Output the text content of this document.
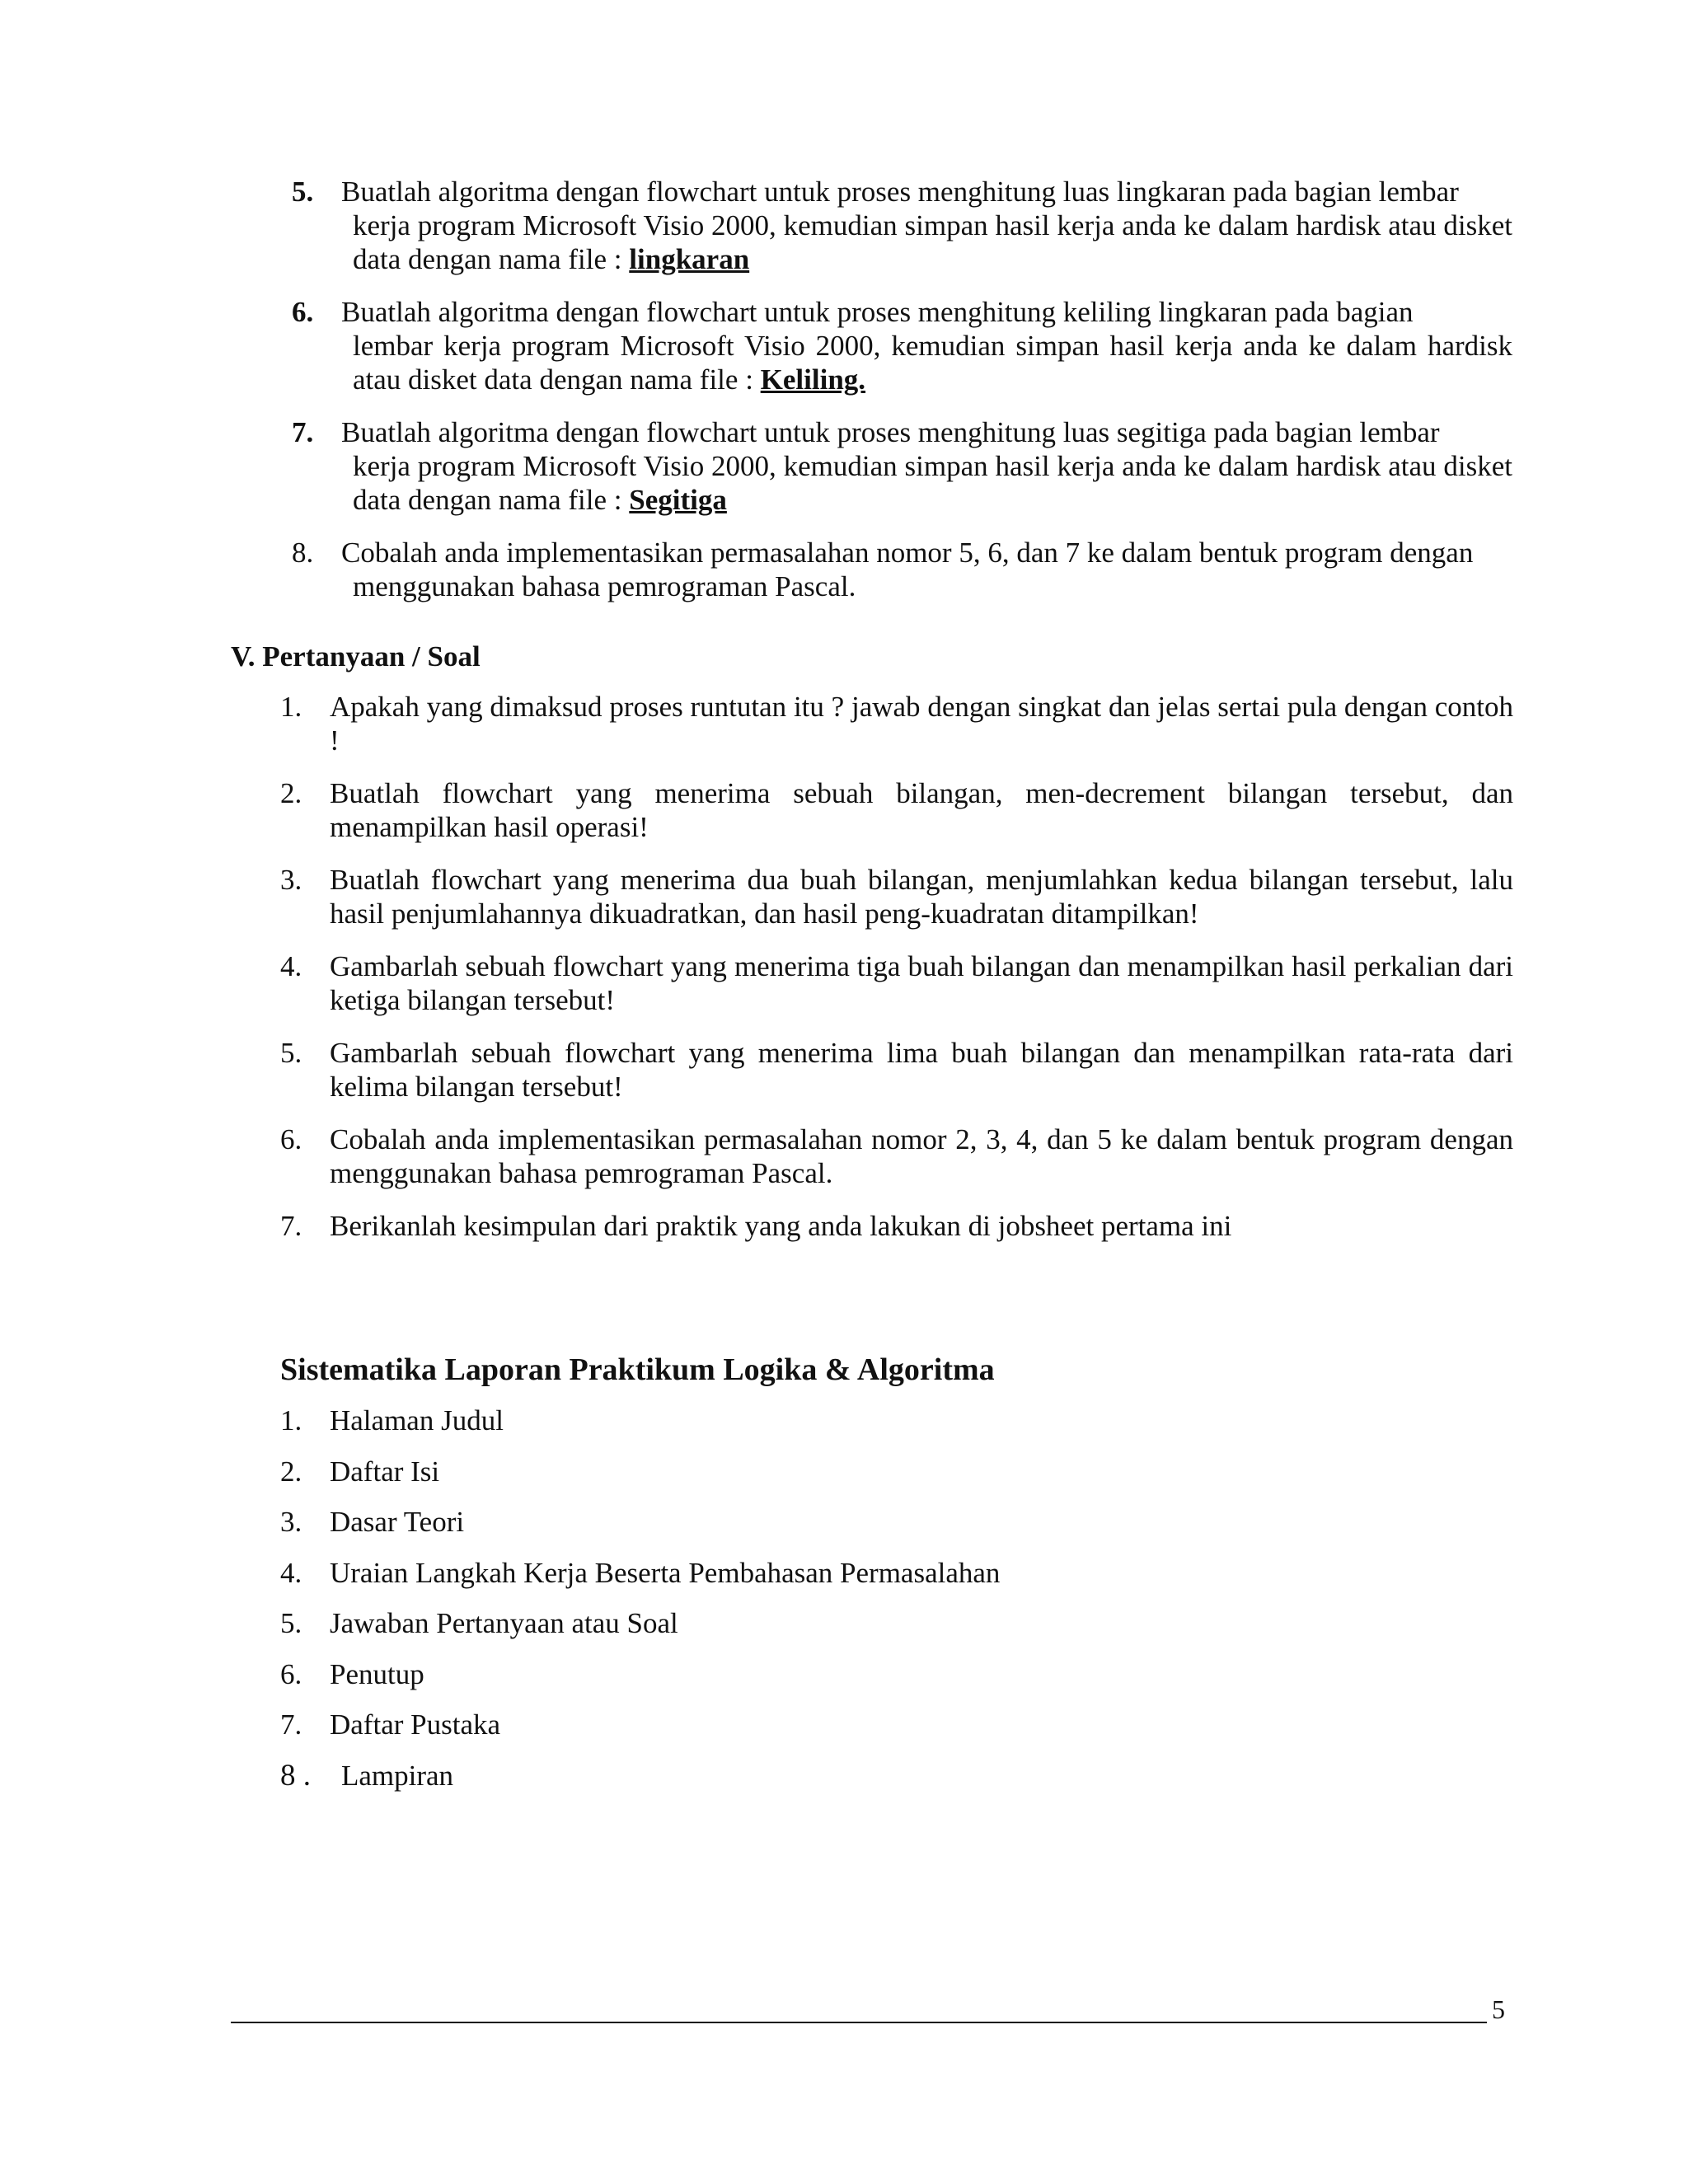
5. Buatlah algoritma dengan flowchart untuk proses menghitung luas lingkaran pada bagian lembar
kerja program Microsoft Visio 2000, kemudian simpan hasil kerja anda ke dalam hardisk atau disket data dengan nama file : lingkaran
6. Buatlah algoritma dengan flowchart untuk proses menghitung keliling lingkaran pada bagian
lembar kerja program Microsoft Visio 2000, kemudian simpan hasil kerja anda ke dalam hardisk atau disket data dengan nama file : Keliling.
7. Buatlah algoritma dengan flowchart untuk proses menghitung luas segitiga pada bagian lembar
kerja program Microsoft Visio 2000, kemudian simpan hasil kerja anda ke dalam hardisk atau disket data dengan nama file : Segitiga
8. Cobalah anda implementasikan permasalahan nomor 5, 6, dan 7 ke dalam bentuk program dengan
menggunakan bahasa pemrograman Pascal.
V. Pertanyaan / Soal
1. Apakah yang dimaksud proses runtutan itu ? jawab dengan singkat dan jelas sertai pula dengan contoh !
2. Buatlah flowchart yang menerima sebuah bilangan, men-decrement bilangan tersebut, dan menampilkan hasil operasi!
3. Buatlah flowchart yang menerima dua buah bilangan, menjumlahkan kedua bilangan tersebut, lalu hasil penjumlahannya dikuadratkan, dan hasil peng-kuadratan ditampilkan!
4. Gambarlah sebuah flowchart yang menerima tiga buah bilangan dan menampilkan hasil perkalian dari ketiga bilangan tersebut!
5. Gambarlah sebuah flowchart yang menerima lima buah bilangan dan menampilkan rata-rata dari kelima bilangan tersebut!
6. Cobalah anda implementasikan permasalahan nomor 2, 3, 4, dan 5 ke dalam bentuk program dengan menggunakan bahasa pemrograman Pascal.
7. Berikanlah kesimpulan dari praktik yang anda lakukan di jobsheet pertama ini
Sistematika Laporan Praktikum Logika & Algoritma
1. Halaman Judul
2. Daftar Isi
3. Dasar Teori
4. Uraian Langkah Kerja Beserta Pembahasan Permasalahan
5. Jawaban Pertanyaan atau Soal
6. Penutup
7. Daftar Pustaka
8 . Lampiran
5
